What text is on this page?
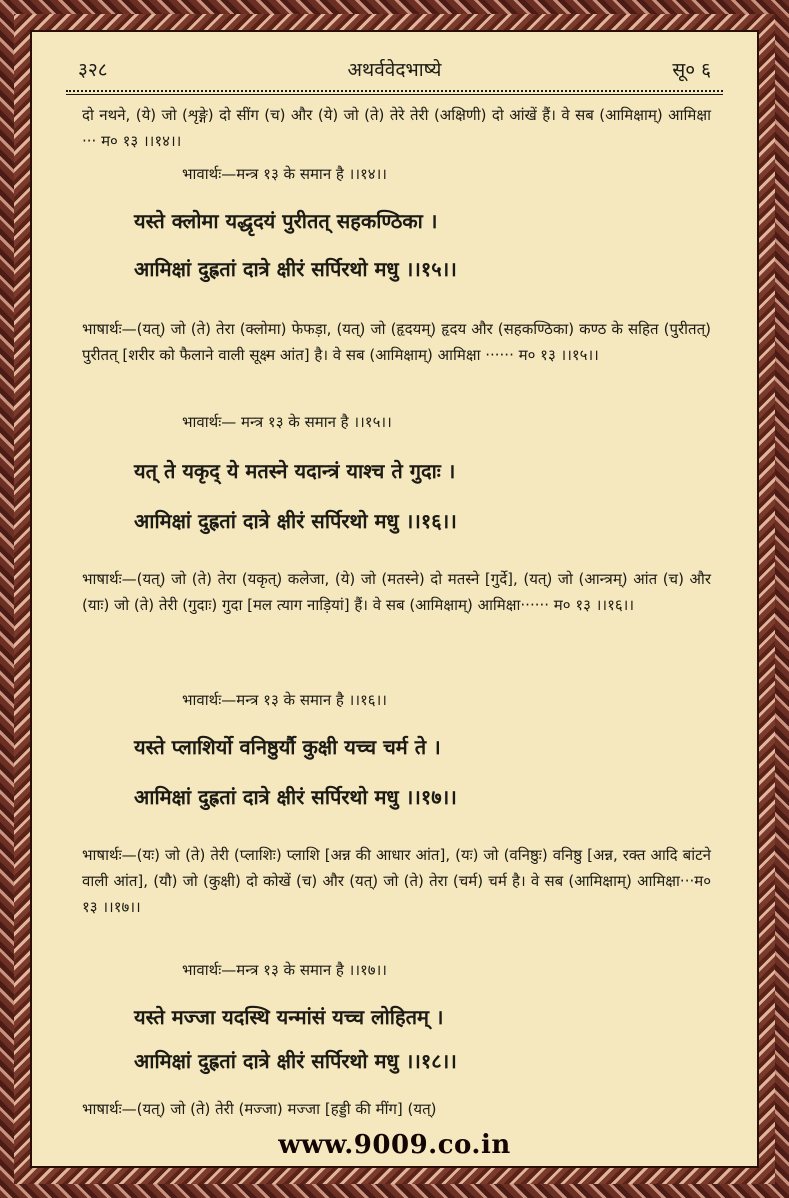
३२८	अथर्ववेदभाष्ये	सू० ६
दो नथने, (ये) जो (शृङ्गे) दो सींग (च) और (ये) जो (ते) तेरे तेरी (अक्षिणी) दो आंखें हैं। वे सब (आमिक्षाम्) आमिक्षा ··· म० १३ ।।१४।।
भावार्थः—मन्त्र १३ के समान है ।।१४।।
यस्ते क्लोमा यद्धृदयं पुरीतत् सहकण्ठिका ।
आमिक्षां दुह्रतां दात्रे क्षीरं सर्पिरथो मधु ।।१५।।
भाषार्थः—(यत्) जो (ते) तेरा (क्लोमा) फेफड़ा, (यत्) जो (हृदयम्) हृदय और (सहकण्ठिका) कण्ठ के सहित (पुरीतत्) पुरीतत् [शरीर को फैलाने वाली सूक्ष्म आंत] है। वे सब (आमिक्षाम्) आमिक्षा ······ म० १३ ।।१५।।
भावार्थः— मन्त्र १३ के समान है ।।१५।।
यत् ते यकृद् ये मतस्ने यदान्त्रं याश्च ते गुदाः ।
आमिक्षां दुह्रतां दात्रे क्षीरं सर्पिरथो मधु ।।१६।।
भाषार्थः—(यत्) जो (ते) तेरा (यकृत्) कलेजा, (ये) जो (मतस्ने) दो मतस्ने [गुर्दे], (यत्) जो (आन्त्रम्) आंत (च) और (याः) जो (ते) तेरी (गुदाः) गुदा [मल त्याग नाड़ियां] हैं। वे सब (आमिक्षाम्) आमिक्षा······ म० १३ ।।१६।।
भावार्थः—मन्त्र १३ के समान है ।।१६।।
यस्ते प्लाशिर्यो वनिष्ठुर्यौ कुक्षी यच्च चर्म ते ।
आमिक्षां दुह्रतां दात्रे क्षीरं सर्पिरथो मधु ।।१७।।
भाषार्थः—(यः) जो (ते) तेरी (प्लाशिः) प्लाशि [अन्न की आधार आंत], (यः) जो (वनिष्ठुः) वनिष्ठु [अन्न, रक्त आदि बांटने वाली आंत], (यौ) जो (कुक्षी) दो कोखें (च) और (यत्) जो (ते) तेरा (चर्म) चर्म है। वे सब (आमिक्षाम्) आमिक्षा···म० १३ ।।१७।।
भावार्थः—मन्त्र १३ के समान है ।।१७।।
यस्ते मज्जा यदस्थि यन्मांसं यच्च लोहितम् ।
आमिक्षां दुह्रतां दात्रे क्षीरं सर्पिरथो मधु ।।१८।।
भाषार्थः—(यत्) जो (ते) तेरी (मज्जा) मज्जा [हड्डी की मींग] (यत्)
www.9009.co.in
